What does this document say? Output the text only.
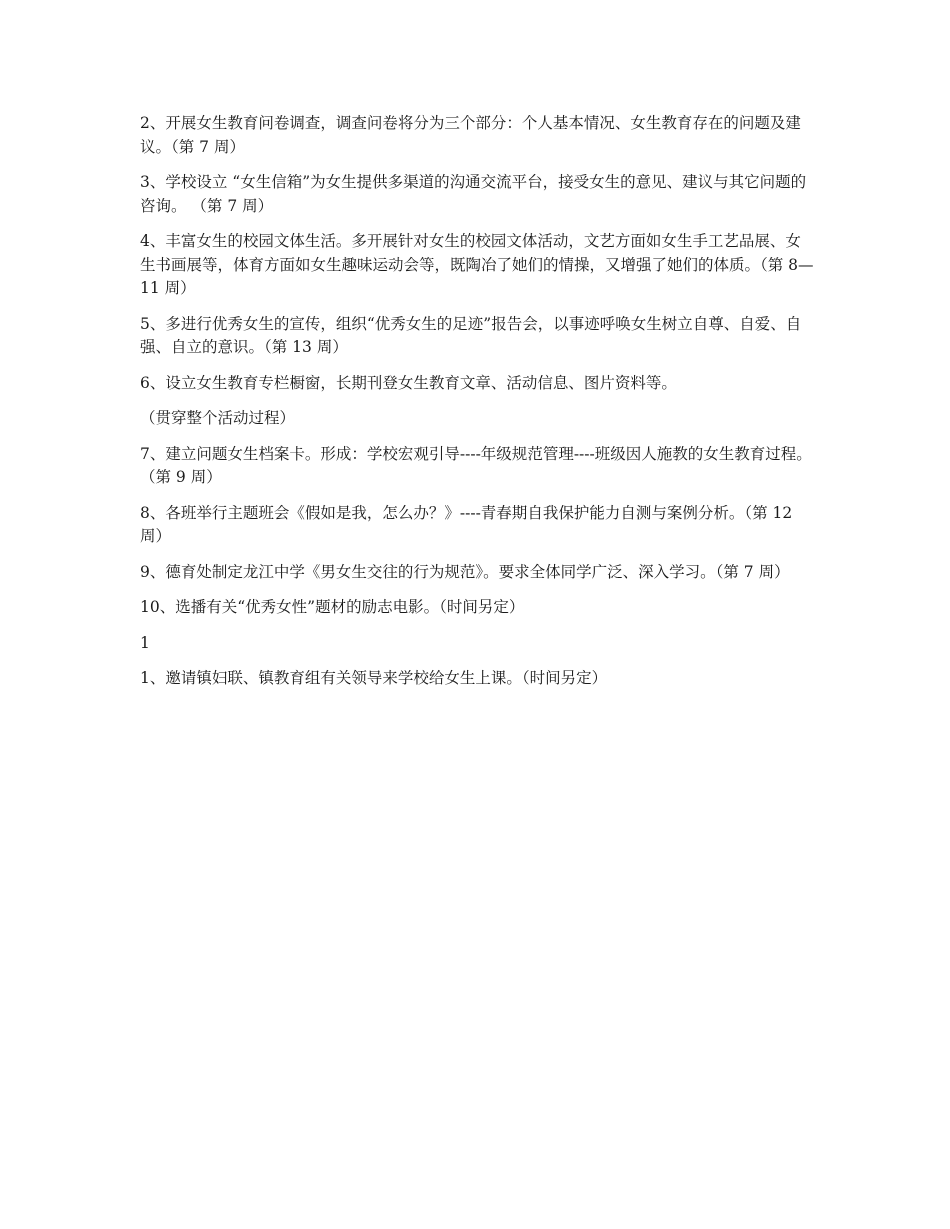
2、开展女生教育问卷调查，调查问卷将分为三个部分：个人基本情况、女生教育存在的问题及建议。（第 7 周）

3、学校设立 “女生信箱”为女生提供多渠道的沟通交流平台，接受女生的意见、建议与其它问题的咨询。 （第 7 周）

4、丰富女生的校园文体生活。多开展针对女生的校园文体活动，文艺方面如女生手工艺品展、女生书画展等，体育方面如女生趣味运动会等，既陶冶了她们的情操，又增强了她们的体质。（第 8—11 周）

5、多进行优秀女生的宣传，组织“优秀女生的足迹”报告会，以事迹呼唤女生树立自尊、自爱、自强、自立的意识。（第 13 周）

6、设立女生教育专栏橱窗，长期刊登女生教育文章、活动信息、图片资料等。

（贯穿整个活动过程）

7、建立问题女生档案卡。形成：学校宏观引导----年级规范管理----班级因人施教的女生教育过程。（第 9 周）

8、各班举行主题班会《假如是我，怎么办？》----青春期自我保护能力自测与案例分析。（第 12 周）

9、德育处制定龙江中学《男女生交往的行为规范》。要求全体同学广泛、深入学习。（第 7 周）

10、选播有关“优秀女性”题材的励志电影。（时间另定）

1

1、邀请镇妇联、镇教育组有关领导来学校给女生上课。（时间另定）
